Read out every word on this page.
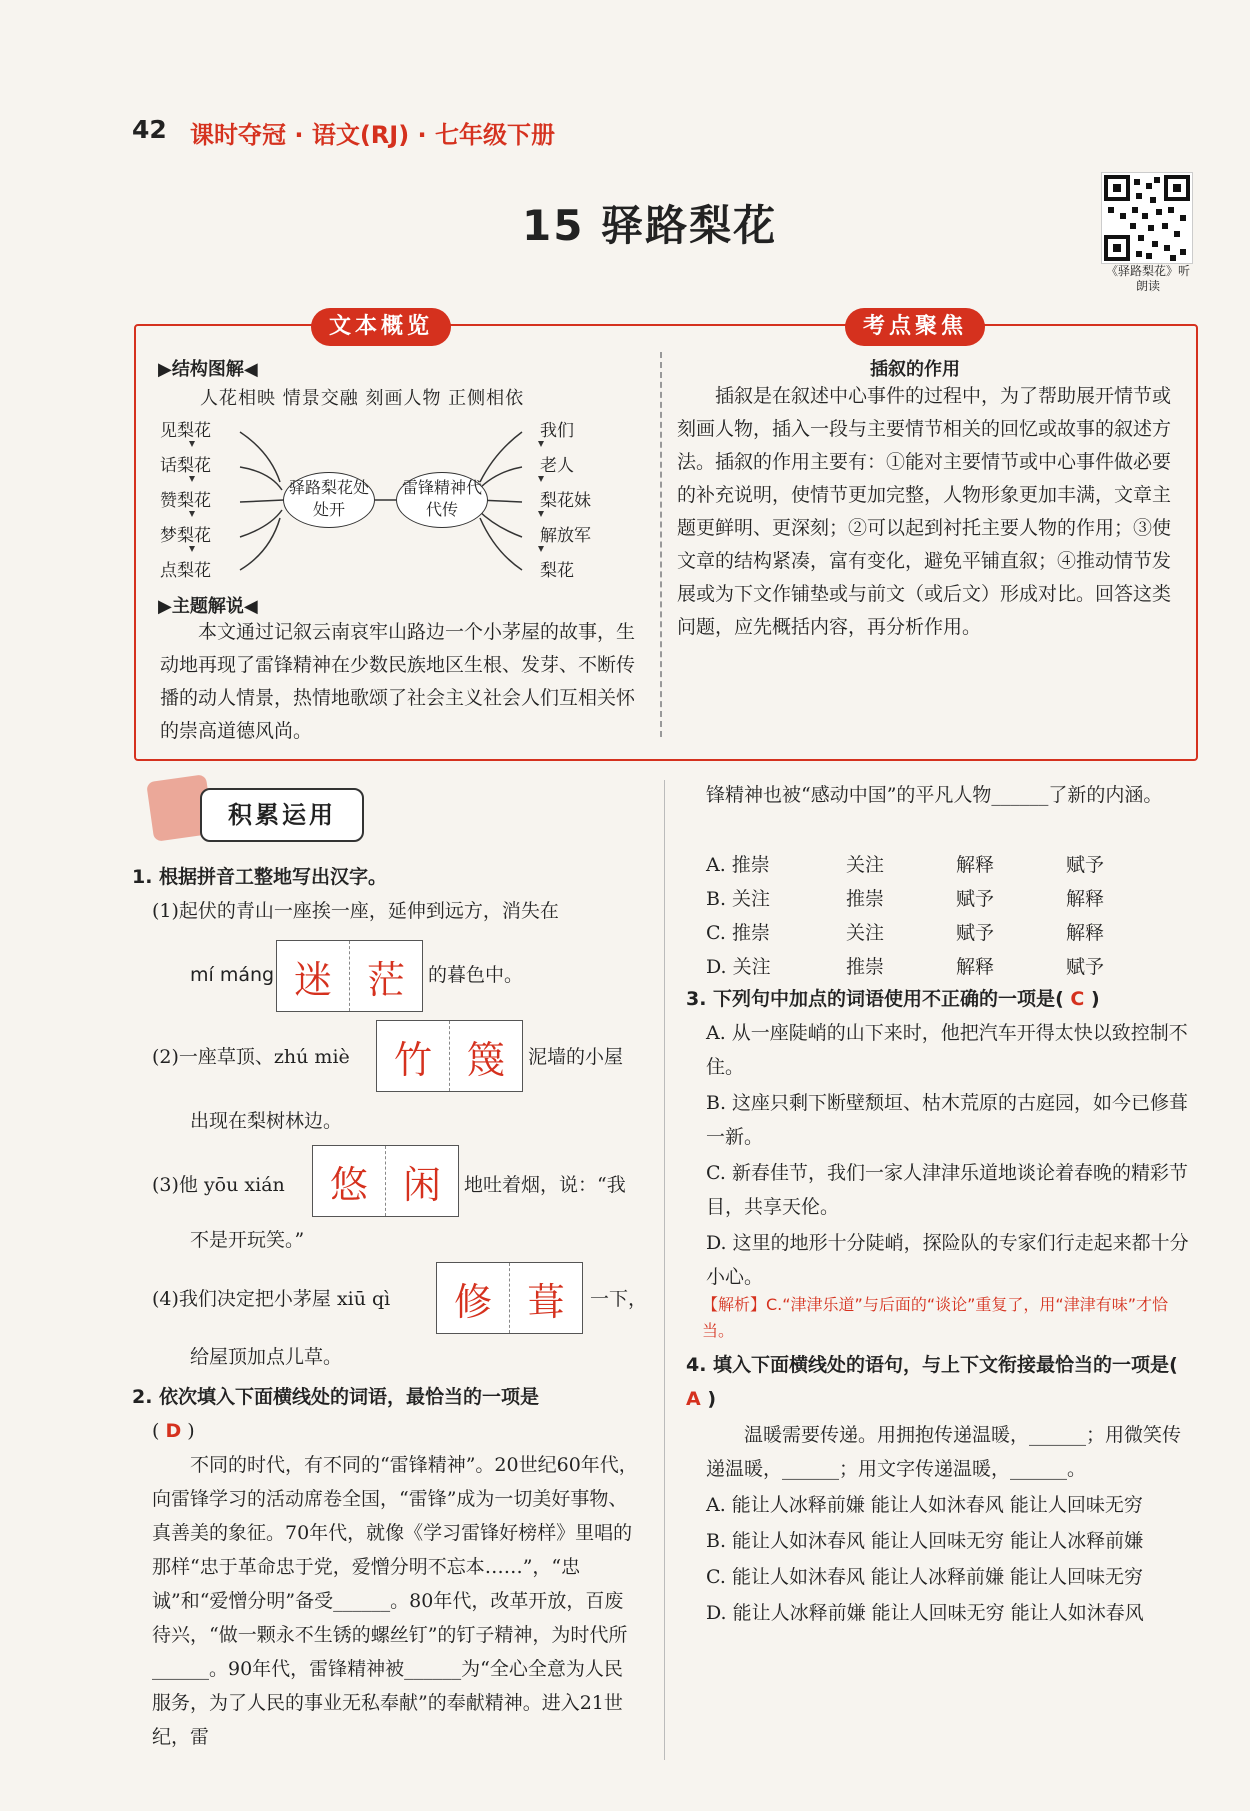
42 课时夺冠 · 语文(RJ) · 七年级下册
15 驿路梨花
《驿路梨花》听朗读
文本概览	考点聚焦
▶结构图解◀
人花相映 情景交融 刻画人物 正侧相依
见梨花
话梨花
赞梨花
梦梨花
点梨花
驿路梨花处处开
雷锋精神代代传
我们
老人
梨花妹
解放军
梨花
▶主题解说◀
本文通过记叙云南哀牢山路边一个小茅屋的故事，生动地再现了雷锋精神在少数民族地区生根、发芽、不断传播的动人情景，热情地歌颂了社会主义社会人们互相关怀的崇高道德风尚。
插叙的作用
插叙是在叙述中心事件的过程中，为了帮助展开情节或刻画人物，插入一段与主要情节相关的回忆或故事的叙述方法。插叙的作用主要有：①能对主要情节或中心事件做必要的补充说明，使情节更加完整，人物形象更加丰满，文章主题更鲜明、更深刻；②可以起到衬托主要人物的作用；③使文章的结构紧凑，富有变化，避免平铺直叙；④推动情节发展或为下文作铺垫或与前文（或后文）形成对比。回答这类问题，应先概括内容，再分析作用。
积累运用
1. 根据拼音工整地写出汉字。
(1)起伏的青山一座挨一座，延伸到远方，消失在
mí máng 迷 茫	的暮色中。
(2)一座草顶、zhú miè	竹 篾	泥墙的小屋
出现在梨树林边。
(3)他 yōu xián	悠 闲	地吐着烟，说：“我
不是开玩笑。”
(4)我们决定把小茅屋 xiū qì	修 葺	一下，
给屋顶加点儿草。
2. 依次填入下面横线处的词语，最恰当的一项是
( D )
不同的时代，有不同的“雷锋精神”。20世纪60年代，向雷锋学习的活动席卷全国，“雷锋”成为一切美好事物、真善美的象征。70年代，就像《学习雷锋好榜样》里唱的那样“忠于革命忠于党，爱憎分明不忘本……”，“忠诚”和“爱憎分明”备受______。80年代，改革开放，百废待兴，“做一颗永不生锈的螺丝钉”的钉子精神，为时代所______。90年代，雷锋精神被______为“全心全意为人民服务，为了人民的事业无私奉献”的奉献精神。进入21世纪，雷
锋精神也被“感动中国”的平凡人物______了新的内涵。
A. 推崇	关注	解释	赋予
B. 关注	推崇	赋予	解释
C. 推崇	关注	赋予	解释
D. 关注	推崇	解释	赋予
3. 下列句中加点的词语使用不正确的一项是( C )
A. 从一座陡峭的山下来时，他把汽车开得太快以致控制不住。
B. 这座只剩下断壁颓垣、枯木荒原的古庭园，如今已修葺一新。
C. 新春佳节，我们一家人津津乐道地谈论着春晚的精彩节目，共享天伦。
D. 这里的地形十分陡峭，探险队的专家们行走起来都十分小心。
【解析】C.“津津乐道”与后面的“谈论”重复了，用“津津有味”才恰当。
4. 填入下面横线处的语句，与上下文衔接最恰当的一项是( A )
温暖需要传递。用拥抱传递温暖，______；用微笑传递温暖，______；用文字传递温暖，______。
A. 能让人冰释前嫌 能让人如沐春风 能让人回味无穷
B. 能让人如沐春风 能让人回味无穷 能让人冰释前嫌
C. 能让人如沐春风 能让人冰释前嫌 能让人回味无穷
D. 能让人冰释前嫌 能让人回味无穷 能让人如沐春风
